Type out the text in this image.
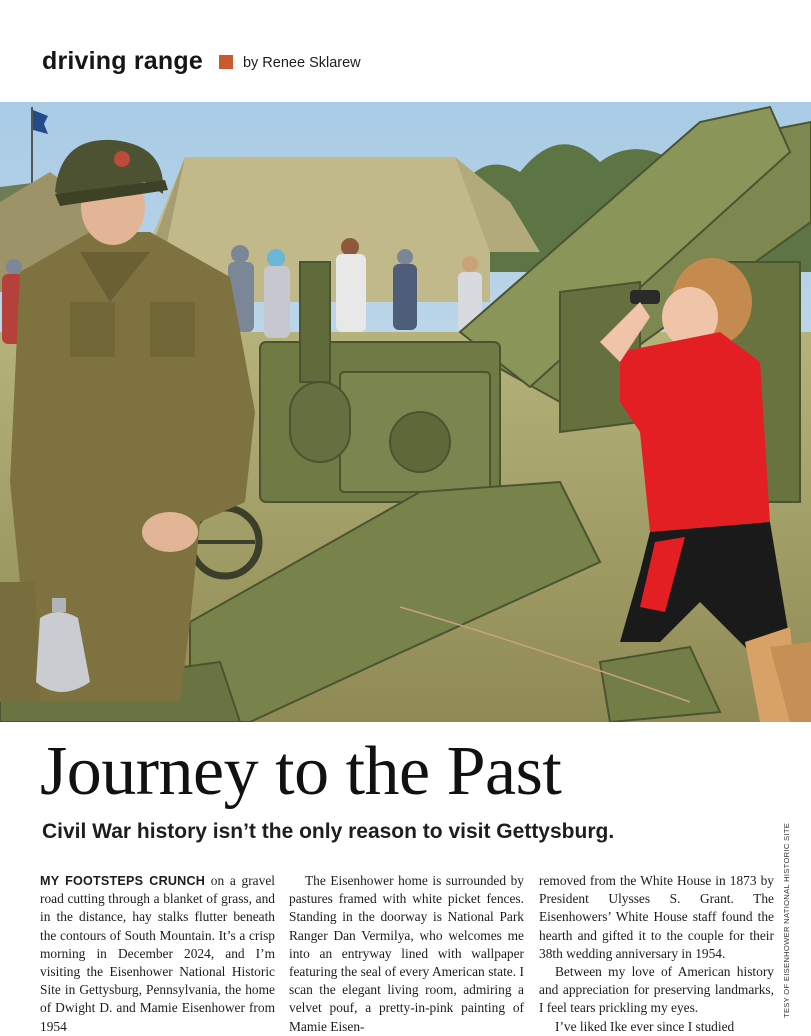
driving range	by Renee Sklarew
Journey to the Past
Civil War history isn’t the only reason to visit Gettysburg.

MY FOOTSTEPS CRUNCH on a gravel road cutting through a blanket of grass, and in the distance, hay stalks flutter beneath the contours of South Mountain. It’s a crisp morning in December 2024, and I’m visiting the Eisenhower National Historic Site in Gettysburg, Pennsylvania, the home of Dwight D. and Mamie Eisenhower from 1954

The Eisenhower home is surrounded by pastures framed with white picket fences. Standing in the doorway is National Park Ranger Dan Vermilya, who welcomes me into an entryway lined with wallpaper featuring the seal of every American state. I scan the elegant living room, admiring a velvet pouf, a pretty-in-pink painting of Mamie Eisen-

removed from the White House in 1873 by President Ulysses S. Grant. The Eisenhowers’ White House staff found the hearth and gifted it to the couple for their 38th wedding anniversary in 1954.

Between my love of American history and appreciation for preserving landmarks, I feel tears prickling my eyes.

I’ve liked Ike ever since I studied

TESY OF EISENHOWER NATIONAL HISTORIC SITE
